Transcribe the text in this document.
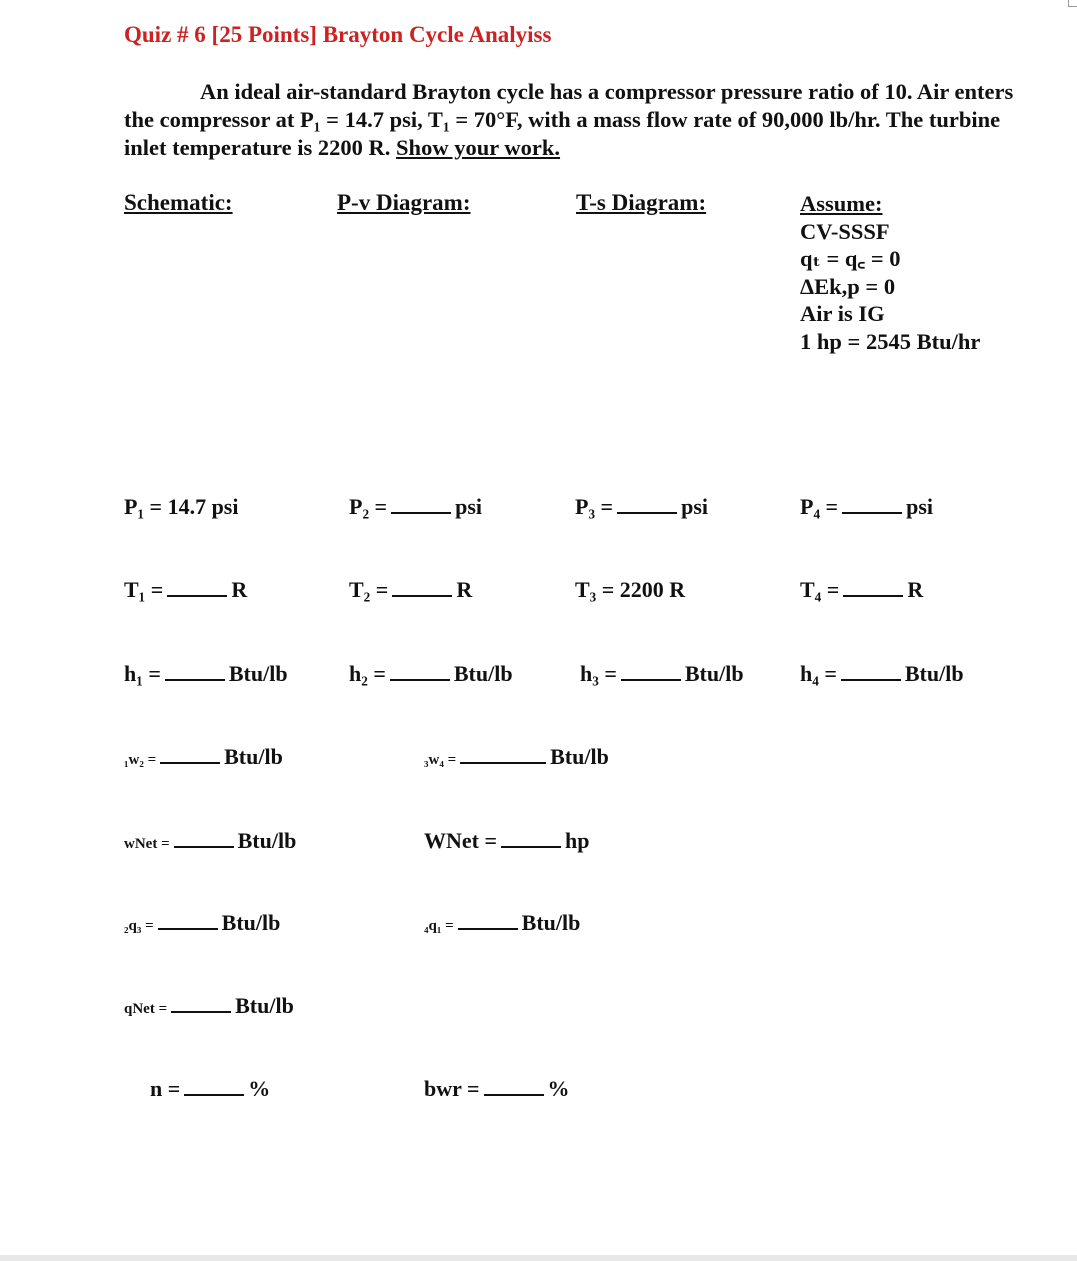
Quiz # 6 [25 Points] Brayton Cycle Analyiss
An ideal air-standard Brayton cycle has a compressor pressure ratio of 10. Air enters the compressor at P₁ = 14.7 psi, T₁ = 70°F, with a mass flow rate of 90,000 lb/hr. The turbine inlet temperature is 2200 R. Show your work.
Schematic:	P-v Diagram:	T-s Diagram:	Assume:
CV-SSSF
qₜ = q꜀ = 0
ΔEk,p = 0
Air is IG
1 hp = 2545 Btu/hr
P₁ = 14.7 psi	P₂ =	psi	P₃ =	psi	P₄ =	psi
T₁ =	R	T₂ =	R	T₃ = 2200 R	T₄ =	R
h₁ =	Btu/lb	h₂ =	Btu/lb	h₃ =	Btu/lb	h₄ =	Btu/lb
₁w₂ =	Btu/lb	₃w₄ =	Btu/lb
wNet =	Btu/lb	WNet =	hp
₂q₃ =	Btu/lb	₄q₁ =	Btu/lb
qNet =	Btu/lb
n =	%	bwr =	%
